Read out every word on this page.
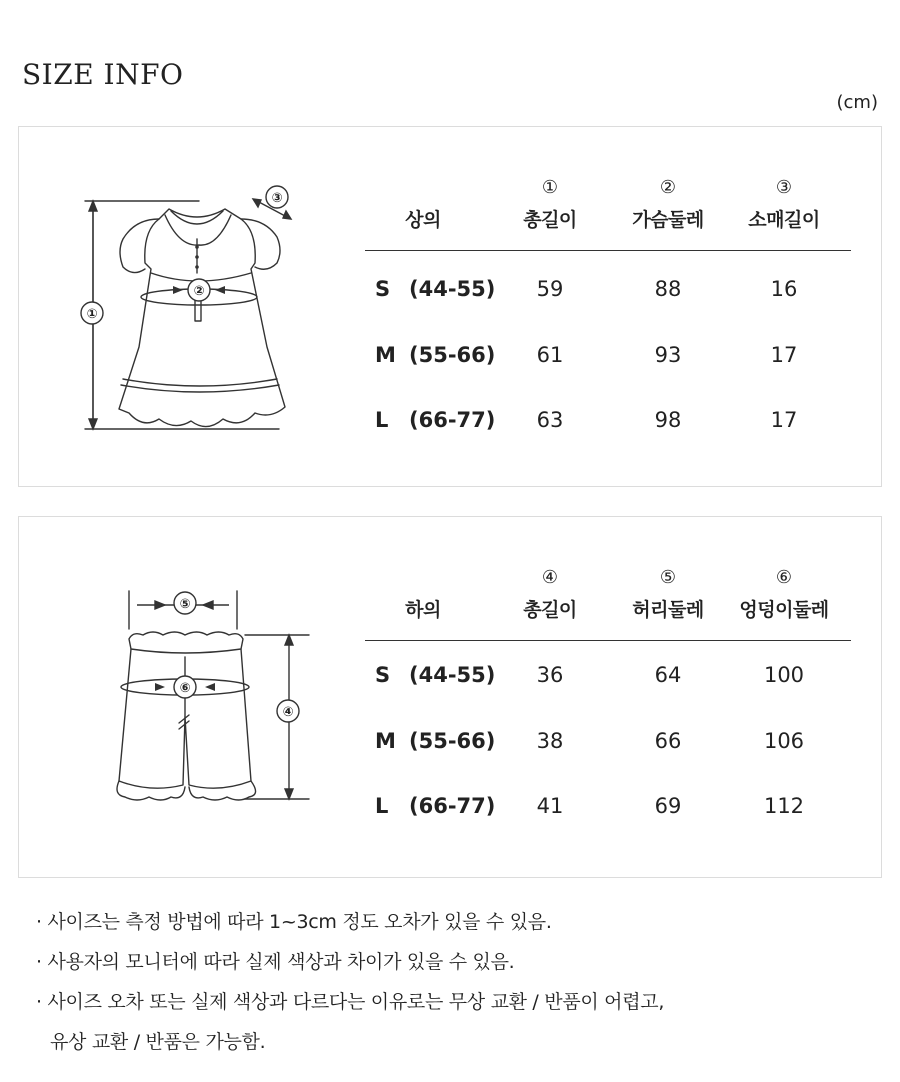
SIZE INFO
(cm)
①
②
③
①	②	③
상의	총길이	가슴둘레	소매길이
S (44-55)	59	88	16
M (55-66)	61	93	17
L (66-77)	63	98	17
⑤
⑥
④
④	⑤	⑥
하의	총길이	허리둘레	엉덩이둘레
S (44-55)	36	64	100
M (55-66)	38	66	106
L (66-77)	41	69	112
· 사이즈는 측정 방법에 따라 1~3cm 정도 오차가 있을 수 있음.
· 사용자의 모니터에 따라 실제 색상과 차이가 있을 수 있음.
· 사이즈 오차 또는 실제 색상과 다르다는 이유로는 무상 교환 / 반품이 어렵고,
유상 교환 / 반품은 가능함.
